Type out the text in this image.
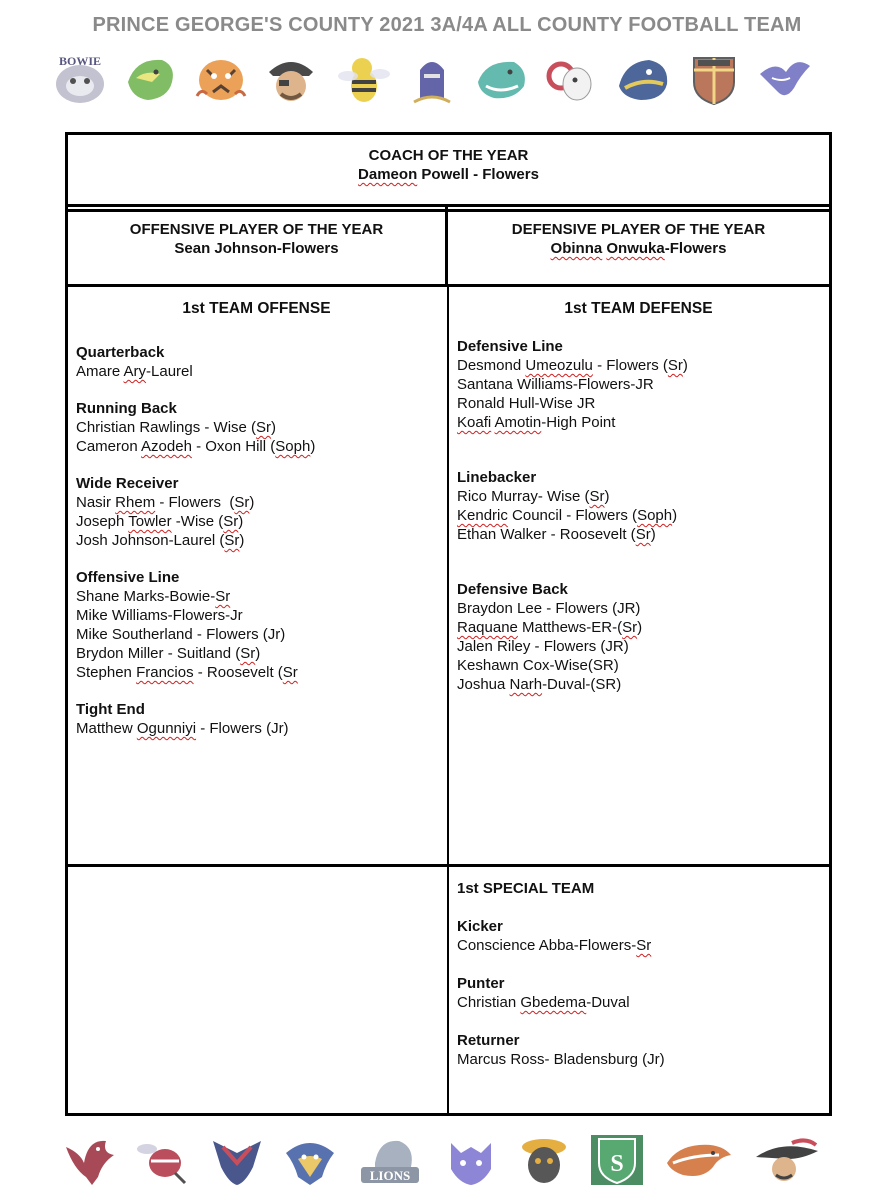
PRINCE GEORGE'S COUNTY 2021 3A/4A ALL COUNTY FOOTBALL TEAM
BOWIE
COACH OF THE YEAR
Dameon Powell - Flowers
OFFENSIVE PLAYER OF THE YEAR
Sean Johnson-Flowers
DEFENSIVE PLAYER OF THE YEAR
Obinna Onwuka-Flowers
1st TEAM OFFENSE
Quarterback
Amare Ary-Laurel
Running Back
Christian Rawlings - Wise (Sr)
Cameron Azodeh - Oxon Hill (Soph)
Wide Receiver
Nasir Rhem - Flowers  (Sr)
Joseph Towler -Wise (Sr)
Josh Johnson-Laurel (Sr)
Offensive Line
Shane Marks-Bowie-Sr
Mike Williams-Flowers-Jr
Mike Southerland - Flowers (Jr)
Brydon Miller - Suitland (Sr)
Stephen Francios - Roosevelt (Sr
Tight End
Matthew Ogunniyi - Flowers (Jr)
1st TEAM DEFENSE
Defensive Line
Desmond Umeozulu - Flowers (Sr)
Santana Williams-Flowers-JR
Ronald Hull-Wise JR
Koafi Amotin-High Point
Linebacker
Rico Murray- Wise (Sr)
Kendric Council - Flowers (Soph)
Ethan Walker - Roosevelt (Sr)
Defensive Back
Braydon Lee - Flowers (JR)
Raquane Matthews-ER-(Sr)
Jalen Riley - Flowers (JR)
Keshawn Cox-Wise(SR)
Joshua Narh-Duval-(SR)
1st SPECIAL TEAM
Kicker
Conscience Abba-Flowers-Sr
Punter
Christian Gbedema-Duval
Returner
Marcus Ross- Bladensburg (Jr)
LIONS	S
